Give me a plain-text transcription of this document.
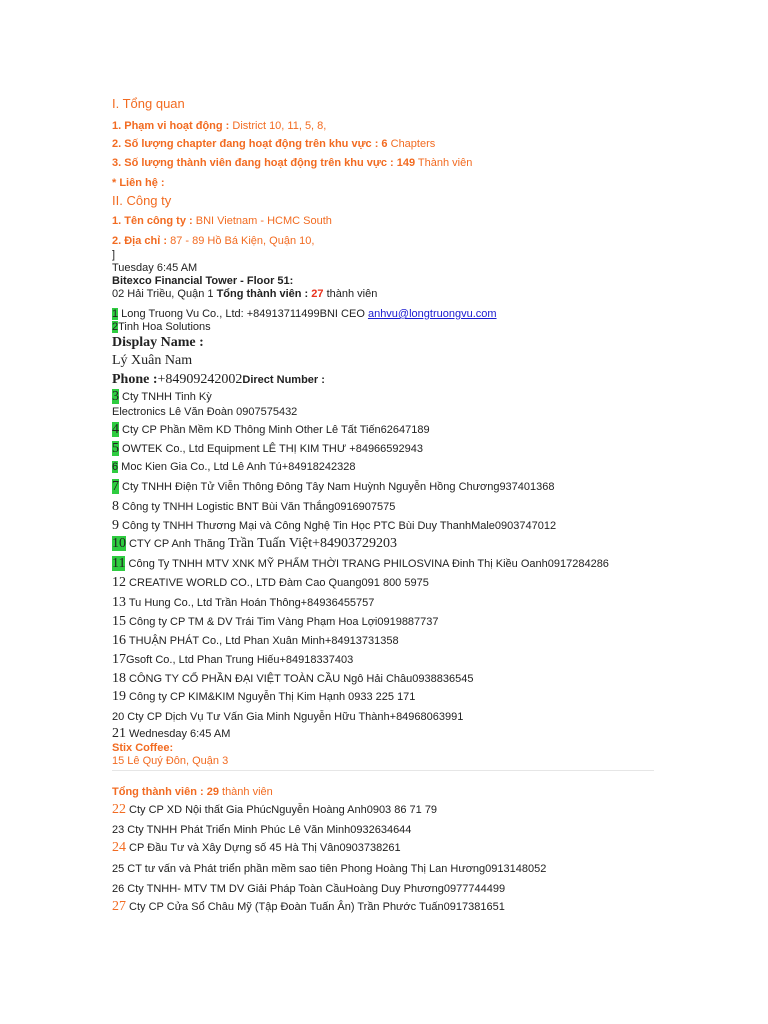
I. Tổng quan
1. Phạm vi hoạt động : District 10, 11, 5, 8,
2. Số lượng chapter đang hoạt động trên khu vực : 6 Chapters
3. Số lượng thành viên đang hoạt động trên khu vực : 149 Thành viên
* Liên hệ :
II. Công ty
1. Tên công ty : BNI Vietnam - HCMC South
2. Địa chỉ : 87 - 89 Hồ Bá Kiện, Quận 10,
]
Tuesday 6:45 AM
Bitexco Financial Tower - Floor 51:
02 Hải Triều, Quận 1 Tổng thành viên : 27 thành viên
1 Long Truong Vu Co., Ltd: +84913711499BNI CEO anhvu@longtruongvu.com
2Tinh Hoa Solutions
Display Name :
Lý Xuân Nam
Phone :+84909242002Direct Number :
3 Cty TNHH Tinh Kỳ
Electronics Lê Văn Đoàn 0907575432
4 Cty CP Phần Mềm KD Thông Minh Other Lê Tất Tiến62647189
5 OWTEK Co., Ltd Equipment LÊ THỊ KIM THƯ +84966592943
6 Moc Kien Gia Co., Ltd Lê Anh Tú+84918242328
7 Cty TNHH Điện Tử Viễn Thông Đông Tây Nam Huỳnh Nguyễn Hồng Chương937401368
8 Công ty TNHH Logistic BNT Bùi Văn Thắng0916907575
9 Công ty TNHH Thương Mại và Công Nghệ Tin Học PTC Bùi Duy ThanhMale0903747012
10 CTY CP Anh Thăng Trần Tuấn Việt+84903729203
11 Công Ty TNHH MTV XNK MỸ PHẨM THỜI TRANG PHILOSVINA Đinh Thị Kiều Oanh0917284286
12 CREATIVE WORLD CO., LTD Đàm Cao Quang091 800 5975
13 Tu Hung Co., Ltd Trần Hoán Thông+84936455757
15 Công ty CP TM & DV Trái Tim Vàng Phạm Hoa Lợi0919887737
16 THUẬN PHÁT Co., Ltd Phan Xuân Minh+84913731358
17Gsoft Co., Ltd Phan Trung Hiếu+84918337403
18 CÔNG TY CỔ PHẦN ĐẠI VIỆT TOÀN CẦU Ngô Hải Châu0938836545
19 Công ty CP KIM&KIM Nguyễn Thị Kim Hạnh 0933 225 171
20 Cty CP Dịch Vụ Tư Vấn Gia Minh Nguyễn Hữu Thành+84968063991
21 Wednesday 6:45 AM
Stix Coffee:
15 Lê Quý Đôn, Quận 3
Tổng thành viên : 29 thành viên
22 Cty CP XD Nội thất Gia PhúcNguyễn Hoàng Anh0903 86 71 79
23 Cty TNHH Phát Triển Minh Phúc Lê Văn Minh0932634644
24 CP Đầu Tư và Xây Dựng số 45 Hà Thị Vân0903738261
25 CT tư vấn và Phát triển phần mềm sao tiên Phong Hoàng Thị Lan Hương0913148052
26 Cty TNHH- MTV TM DV Giải Pháp Toàn CầuHoàng Duy Phương0977744499
27 Cty CP Cửa Sổ Châu Mỹ (Tập Đoàn Tuấn Ân) Trần Phước Tuấn0917381651
